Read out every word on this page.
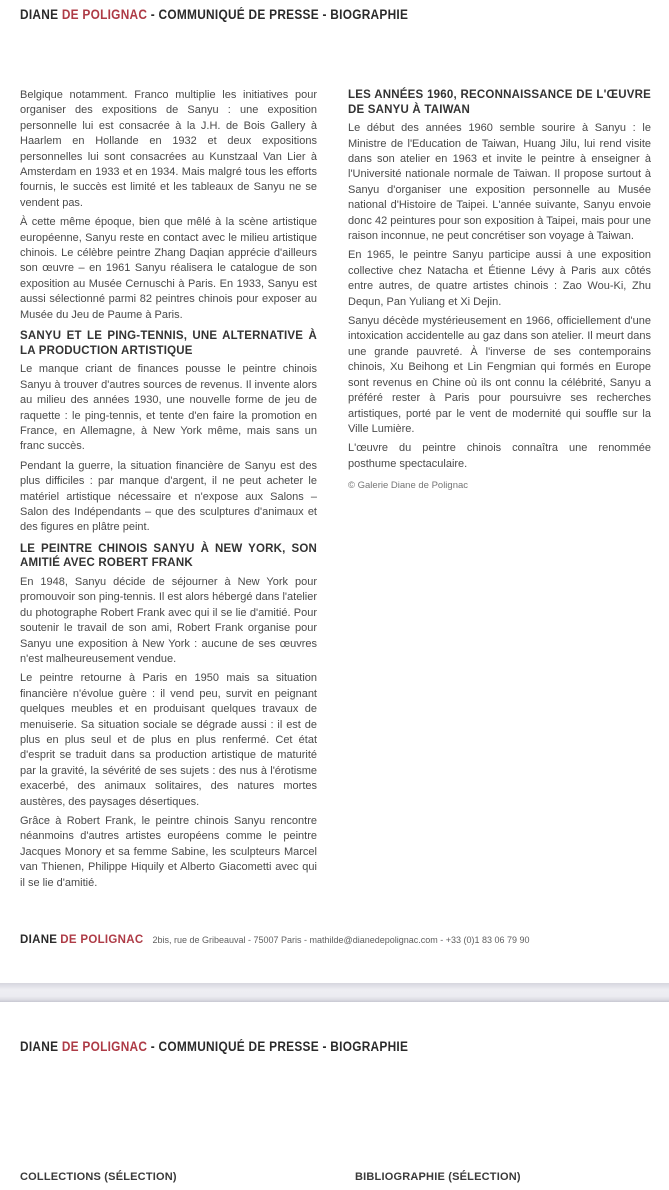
DIANE DE POLIGNAC - COMMUNIQUÉ DE PRESSE - BIOGRAPHIE

Belgique notamment. Franco multiplie les initiatives pour organiser des expositions de Sanyu : une exposition personnelle lui est consacrée à la J.H. de Bois Gallery à Haarlem en Hollande en 1932 et deux expositions personnelles lui sont consacrées au Kunstzaal Van Lier à Amsterdam en 1933 et en 1934. Mais malgré tous les efforts fournis, le succès est limité et les tableaux de Sanyu ne se vendent pas.

À cette même époque, bien que mêlé à la scène artistique européenne, Sanyu reste en contact avec le milieu artistique chinois. Le célèbre peintre Zhang Daqian apprécie d'ailleurs son œuvre – en 1961 Sanyu réalisera le catalogue de son exposition au Musée Cernuschi à Paris. En 1933, Sanyu est aussi sélectionné parmi 82 peintres chinois pour exposer au Musée du Jeu de Paume à Paris.

SANYU ET LE PING-TENNIS, UNE ALTERNATIVE À LA PRODUCTION ARTISTIQUE

Le manque criant de finances pousse le peintre chinois Sanyu à trouver d'autres sources de revenus. Il invente alors au milieu des années 1930, une nouvelle forme de jeu de raquette : le ping-tennis, et tente d'en faire la promotion en France, en Allemagne, à New York même, mais sans un franc succès.

Pendant la guerre, la situation financière de Sanyu est des plus difficiles : par manque d'argent, il ne peut acheter le matériel artistique nécessaire et n'expose aux Salons – Salon des Indépendants – que des sculptures d'animaux et des figures en plâtre peint.

LE PEINTRE CHINOIS SANYU À NEW YORK, SON AMITIÉ AVEC ROBERT FRANK

En 1948, Sanyu décide de séjourner à New York pour promouvoir son ping-tennis. Il est alors hébergé dans l'atelier du photographe Robert Frank avec qui il se lie d'amitié. Pour soutenir le travail de son ami, Robert Frank organise pour Sanyu une exposition à New York : aucune de ses œuvres n'est malheureusement vendue.

Le peintre retourne à Paris en 1950 mais sa situation financière n'évolue guère : il vend peu, survit en peignant quelques meubles et en produisant quelques travaux de menuiserie. Sa situation sociale se dégrade aussi : il est de plus en plus seul et de plus en plus renfermé. Cet état d'esprit se traduit dans sa production artistique de maturité par la gravité, la sévérité de ses sujets : des nus à l'érotisme exacerbé, des animaux solitaires, des natures mortes austères, des paysages désertiques.

Grâce à Robert Frank, le peintre chinois Sanyu rencontre néanmoins d'autres artistes européens comme le peintre Jacques Monory et sa femme Sabine, les sculpteurs Marcel van Thienen, Philippe Hiquily et Alberto Giacometti avec qui il se lie d'amitié.

LES ANNÉES 1960, RECONNAISSANCE DE L'ŒUVRE DE SANYU À TAIWAN

Le début des années 1960 semble sourire à Sanyu : le Ministre de l'Education de Taiwan, Huang Jilu, lui rend visite dans son atelier en 1963 et invite le peintre à enseigner à l'Université nationale normale de Taiwan. Il propose surtout à Sanyu d'organiser une exposition personnelle au Musée national d'Histoire de Taipei. L'année suivante, Sanyu envoie donc 42 peintures pour son exposition à Taipei, mais pour une raison inconnue, ne peut concrétiser son voyage à Taiwan.

En 1965, le peintre Sanyu participe aussi à une exposition collective chez Natacha et Étienne Lévy à Paris aux côtés entre autres, de quatre artistes chinois : Zao Wou-Ki, Zhu Dequn, Pan Yuliang et Xi Dejin.

Sanyu décède mystérieusement en 1966, officiellement d'une intoxication accidentelle au gaz dans son atelier. Il meurt dans une grande pauvreté. À l'inverse de ses contemporains chinois, Xu Beihong et Lin Fengmian qui formés en Europe sont revenus en Chine où ils ont connu la célébrité, Sanyu a préféré rester à Paris pour poursuivre ses recherches artistiques, porté par le vent de modernité qui souffle sur la Ville Lumière.

L'œuvre du peintre chinois connaîtra une renommée posthume spectaculaire.

© Galerie Diane de Polignac
DIANE DE POLIGNAC 2bis, rue de Gribeauval - 75007 Paris - mathilde@dianedepolignac.com - +33 (0)1 83 06 79 90
DIANE DE POLIGNAC - COMMUNIQUÉ DE PRESSE - BIOGRAPHIE
COLLECTIONS (SÉLECTION)	BIBLIOGRAPHIE (SÉLECTION)
